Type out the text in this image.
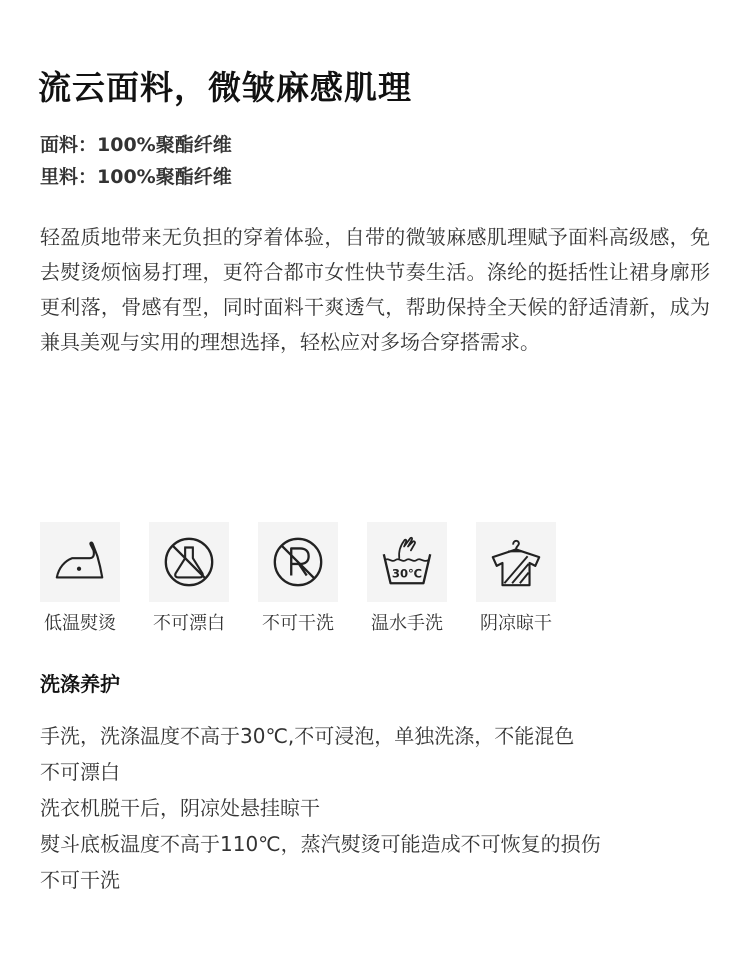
流云面料，微皱麻感肌理
面料：100%聚酯纤维
里料：100%聚酯纤维
轻盈质地带来无负担的穿着体验，自带的微皱麻感肌理赋予面料高级感，免去熨烫烦恼易打理，更符合都市女性快节奏生活。涤纶的挺括性让裙身廓形更利落，骨感有型，同时面料干爽透气，帮助保持全天候的舒适清新，成为兼具美观与实用的理想选择，轻松应对多场合穿搭需求。
低温熨烫 不可漂白 不可干洗
30℃
温水手洗 阴凉晾干
洗涤养护
手洗，洗涤温度不高于30℃,不可浸泡，单独洗涤，不能混色
不可漂白
洗衣机脱干后，阴凉处悬挂晾干
熨斗底板温度不高于110℃，蒸汽熨烫可能造成不可恢复的损伤
不可干洗
